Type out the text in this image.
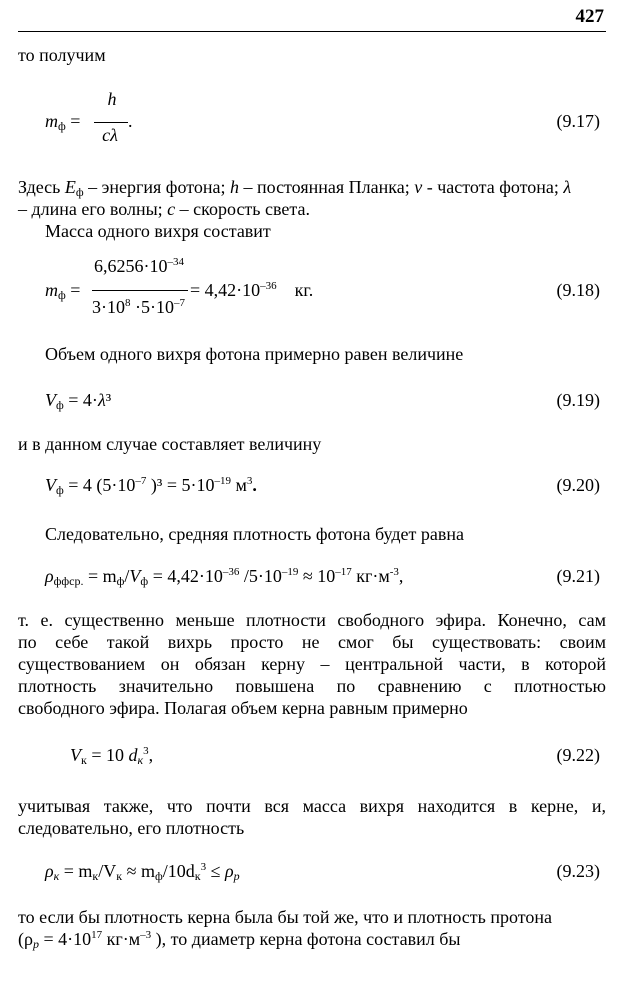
427
то получим
$m_ф$ =
h
cλ
.	(9.17)
Здесь $E_ф$ – энергия фотона; h – постоянная Планка; v - частота фотона; λ
– длина его волны; c – скорость света.
Масса одного вихря составит
$m_ф$ =
$6,6256\cdot 10^{-34}$
$3\cdot 10^8 \cdot 5\cdot 10^{-7}$
= $4,42\cdot 10^{-36}$ кг.	(9.18)
Объем одного вихря фотона примерно равен величине
$V_ф = 4\cdot\lambda^3$	(9.19)
и в данном случае составляет величину
$V_ф = 4$ ($5\cdot 10^{-7}$ )$^3 = 5\cdot 10^{-19}$ $м^3$.	(9.20)
Следовательно, средняя плотность фотона будет равна
$\rho_{ффср.} = m_ф/V_ф = 4,42\cdot 10^{-36}$ $/5\cdot 10^{-19} \approx 10^{-17}$ $кг\cdot м^{-3}$,	(9.21)
т. е. существенно меньше плотности свободного эфира. Конечно, сам
по себе такой вихрь просто не смог бы существовать: своим
существованием он обязан керну – центральной части, в которой
плотность значительно повышена по сравнению с плотностью
свободного эфира. Полагая объем керна равным примерно
$V_к = 10$ $d_к^3$,	(9.22)
учитывая также, что почти вся масса вихря находится в керне, и,
следовательно, его плотность
$\rho_к = m_к/V_к \approx m_ф/10d_к^3 \le \rho_р$	(9.23)
то если бы плотность керна была бы той же, что и плотность протона
($\rho_р = 4\cdot 10^{17}$ $кг\cdot м^{-3}$ ), то диаметр керна фотона составил бы
